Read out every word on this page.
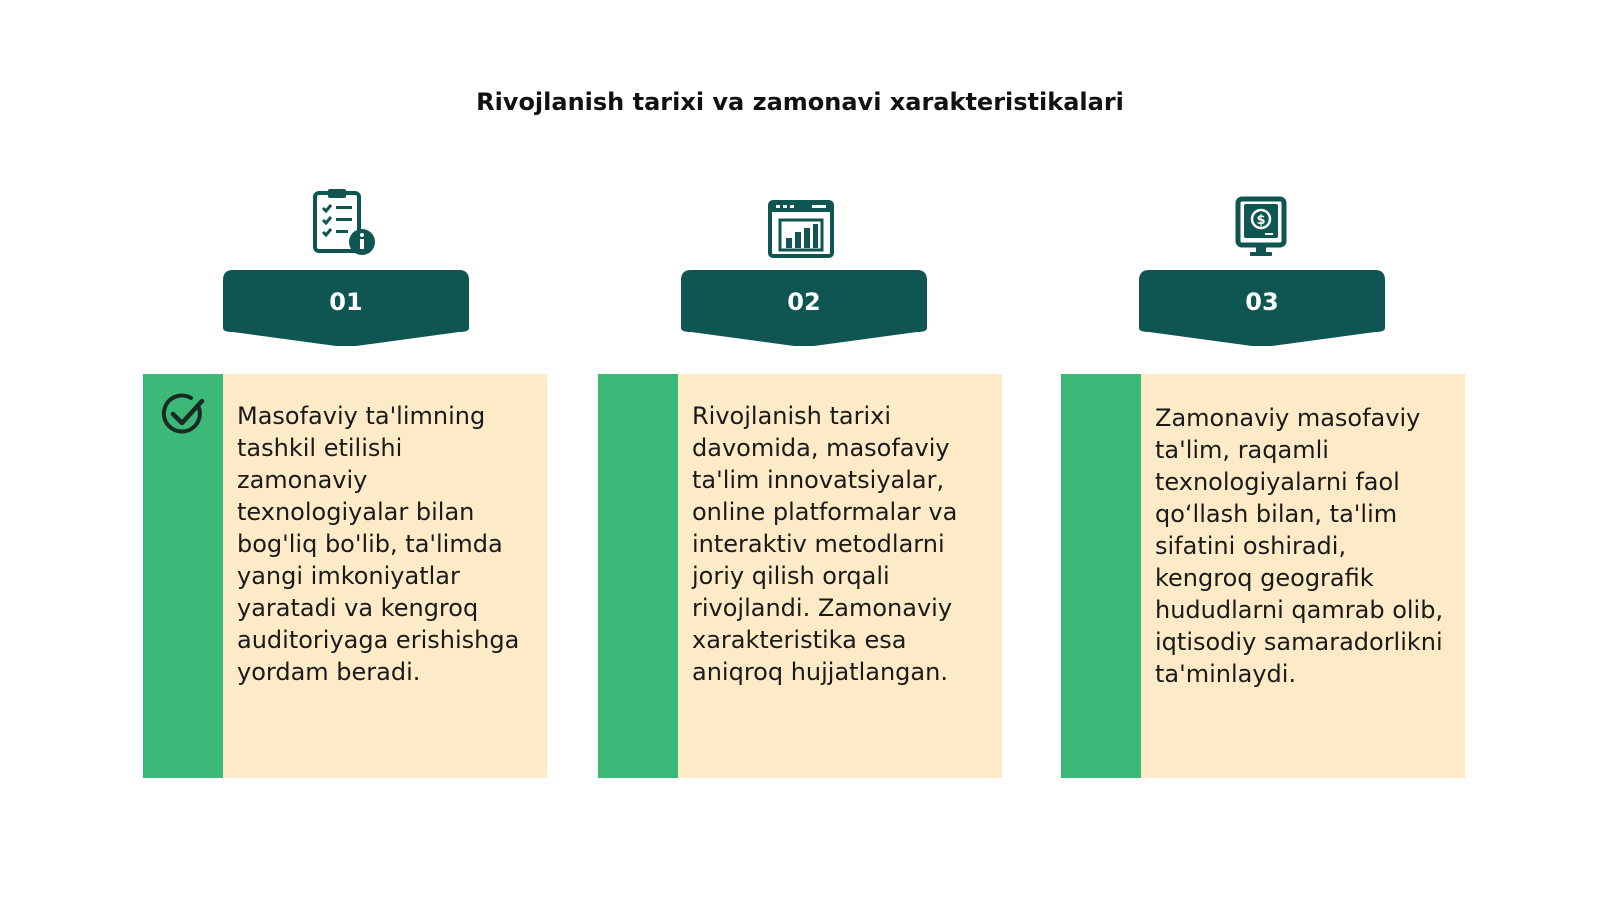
Rivojlanish tarixi va zamonavi xarakteristikalari
$
01	02	03

Masofaviy ta'limning tashkil etilishi zamonaviy texnologiyalar bilan bog'liq bo'lib, ta'limda yangi imkoniyatlar yaratadi va kengroq auditoriyaga erishishga yordam beradi.

Rivojlanish tarixi davomida, masofaviy ta'lim innovatsiyalar, online platformalar va interaktiv metodlarni joriy qilish orqali rivojlandi. Zamonaviy xarakteristika esa aniqroq hujjatlangan.

Zamonaviy masofaviy ta'lim, raqamli texnologiyalarni faol qo‘llash bilan, ta'lim sifatini oshiradi, kengroq geografik hududlarni qamrab olib, iqtisodiy samaradorlikni ta'minlaydi.
